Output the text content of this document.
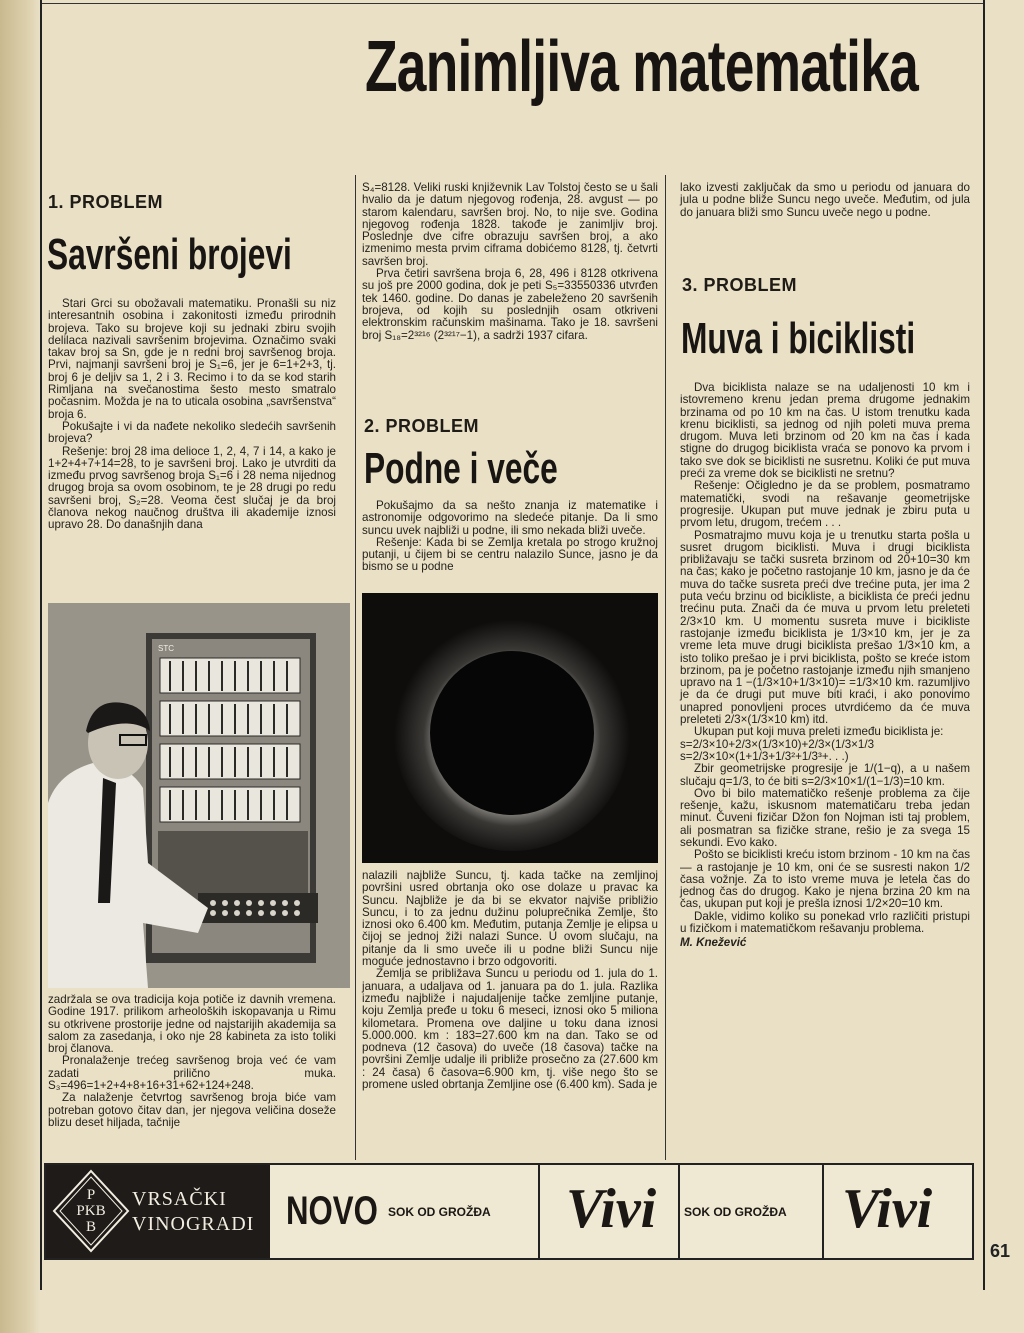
Zanimljiva matematika
1. PROBLEM
Savršeni brojevi

Stari Grci su obožavali matematiku. Pronašli su niz interesantnih osobina i zakonitosti između prirodnih brojeva. Tako su brojeve koji su jednaki zbiru svojih delilaca nazivali savršenim brojevima. Označimo svaki takav broj sa Sn, gde je n redni broj savršenog broja. Prvi, najmanji savršeni broj je S₁=6, jer je 6=1+2+3, tj. broj 6 je deljiv sa 1, 2 i 3. Recimo i to da se kod starih Rimljana na svečanostima šesto mesto smatralo počasnim. Možda je na to uticala osobina „savršenstva“ broja 6.

Pokušajte i vi da nađete nekoliko sledećih savršenih brojeva?

Rešenje: broj 28 ima delioce 1, 2, 4, 7 i 14, a kako je 1+2+4+7+14=28, to je savršeni broj. Lako je utvrditi da između prvog savršenog broja S₁=6 i 28 nema nijednog drugog broja sa ovom osobinom, te je 28 drugi po redu savršeni broj, S₂=28. Veoma čest slučaj je da broj članova nekog naučnog društva ili akademije iznosi upravo 28. Do današnjih dana

STC

zadržala se ova tradicija koja potiče iz davnih vremena. Godine 1917. prilikom arheoloških iskopavanja u Rimu su otkrivene prostorije jedne od najstarijih akademija sa salom za zasedanja, i oko nje 28 kabineta za isto toliki broj članova.

Pronalaženje trećeg savršenog broja već će vam zadati prilično muka. S₃=496=1+2+4+8+16+31+62+124+248.

Za nalaženje četvrtog savršenog broja biće vam potreban gotovo čitav dan, jer njegova veličina doseže blizu deset hiljada, tačnije

S₄=8128. Veliki ruski književnik Lav Tolstoj često se u šali hvalio da je datum njegovog rođenja, 28. avgust — po starom kalendaru, savršen broj. No, to nije sve. Godina njegovog rođenja 1828. takođe je zanimljiv broj. Poslednje dve cifre obrazuju savršen broj, a ako izmenimo mesta prvim ciframa dobićemo 8128, tj. četvrti savršen broj.

Prva četiri savršena broja 6, 28, 496 i 8128 otkrivena su još pre 2000 godina, dok je peti S₅=33550336 utvrđen tek 1460. godine. Do danas je zabeleženo 20 savršenih brojeva, od kojih su poslednjih osam otkriveni elektronskim računskim mašinama. Tako je 18. savršeni broj S₁₈=2³²¹⁶ (2³²¹⁷−1), a sadrži 1937 cifara.

2. PROBLEM
Podne i veče

Pokušajmo da sa nešto znanja iz matematike i astronomije odgovorimo na sledeće pitanje. Da li smo suncu uvek najbliži u podne, ili smo nekada bliži uveče.

Rešenje: Kada bi se Zemlja kretala po strogo kružnoj putanji, u čijem bi se centru nalazilo Sunce, jasno je da bismo se u podne

nalazili najbliže Suncu, tj. kada tačke na zemljinoj površini usred obrtanja oko ose dolaze u pravac ka Suncu. Najbliže je da bi se ekvator najviše približio Suncu, i to za jednu dužinu poluprečnika Zemlje, što iznosi oko 6.400 km. Međutim, putanja Zemlje je elipsa u čijoj se jednoj žiži nalazi Sunce. U ovom slučaju, na pitanje da li smo uveče ili u podne bliži Suncu nije moguće jednostavno i brzo odgovoriti.

Zemlja se približava Suncu u periodu od 1. jula do 1. januara, a udaljava od 1. januara pa do 1. jula. Razlika između najbliže i najudaljenije tačke zemljine putanje, koju Zemlja pređe u toku 6 meseci, iznosi oko 5 miliona kilometara. Promena ove daljine u toku dana iznosi 5.000.000. km : 183=27.600 km na dan. Tako se od podneva (12 časova) do uveče (18 časova) tačke na površini Zemlje udalje ili približe prosečno za (27.600 km : 24 časa) 6 časova=6.900 km, tj. više nego što se promene usled obrtanja Zemljine ose (6.400 km). Sada je

lako izvesti zaključak da smo u periodu od januara do jula u podne bliže Suncu nego uveče. Međutim, od jula do januara bliži smo Suncu uveče nego u podne.

3. PROBLEM
Muva i biciklisti

Dva biciklista nalaze se na udaljenosti 10 km i istovremeno krenu jedan prema drugome jednakim brzinama od po 10 km na čas. U istom trenutku kada krenu biciklisti, sa jednog od njih poleti muva prema drugom. Muva leti brzinom od 20 km na čas i kada stigne do drugog biciklista vraća se ponovo ka prvom i tako sve dok se biciklisti ne susretnu. Koliki će put muva preći za vreme dok se biciklisti ne sretnu?

Rešenje: Očigledno je da se problem, posmatramo matematički, svodi na rešavanje geometrijske progresije. Ukupan put muve jednak je zbiru puta u prvom letu, drugom, trećem . . .

Posmatrajmo muvu koja je u trenutku starta pošla u susret drugom biciklisti. Muva i drugi biciklista približavaju se tački susreta brzinom od 20+10=30 km na čas; kako je početno rastojanje 10 km, jasno je da će muva do tačke susreta preći dve trećine puta, jer ima 2 puta veću brzinu od bicikliste, a biciklista će preći jednu trećinu puta. Znači da će muva u prvom letu preleteti 2/3×10 km. U momentu susreta muve i bicikliste rastojanje između biciklista je 1/3×10 km, jer je za vreme leta muve drugi biciklista prešao 1/3×10 km, a isto toliko prešao je i prvi biciklista, pošto se kreće istom brzinom, pa je početno rastojanje između njih smanjeno upravo na 1 −(1/3×10+1/3×10)= =1/3×10 km. razumljivo je da će drugi put muve biti kraći, i ako ponovimo unapred ponovljeni proces utvrdićemo da će muva preleteti 2/3×(1/3×10 km) itd.

Ukupan put koji muva preleti između biciklista je:

s=2/3×10+2/3×(1/3×10)+2/3×(1/3×1/3 s=2/3×10×(1+1/3+1/3²+1/3³+. . .)

Zbir geometrijske progresije je 1/(1−q), a u našem slučaju q=1/3, to će biti s=2/3×10×1/(1−1/3)=10 km.

Ovo bi bilo matematičko rešenje problema za čije rešenje, kažu, iskusnom matematičaru treba jedan minut. Čuveni fizičar Džon fon Nojman isti taj problem, ali posmatran sa fizičke strane, rešio je za svega 15 sekundi. Evo kako.

Pošto se biciklisti kreću istom brzinom - 10 km na čas — a rastojanje je 10 km, oni će se susresti nakon 1/2 časa vožnje. Za to isto vreme muva je letela čas do jednog čas do drugog. Kako je njena brzina 20 km na čas, ukupan put koji je prešla iznosi 1/2×20=10 km.

Dakle, vidimo koliko su ponekad vrlo različiti pristupi u fizičkom i matematičkom rešavanju problema.

M. Knežević

P
PKB
B
VRSAČKI
VINOGRADI NOVO SOK OD GROŽĐA Vivi SOK OD GROŽĐA Vivi
61
